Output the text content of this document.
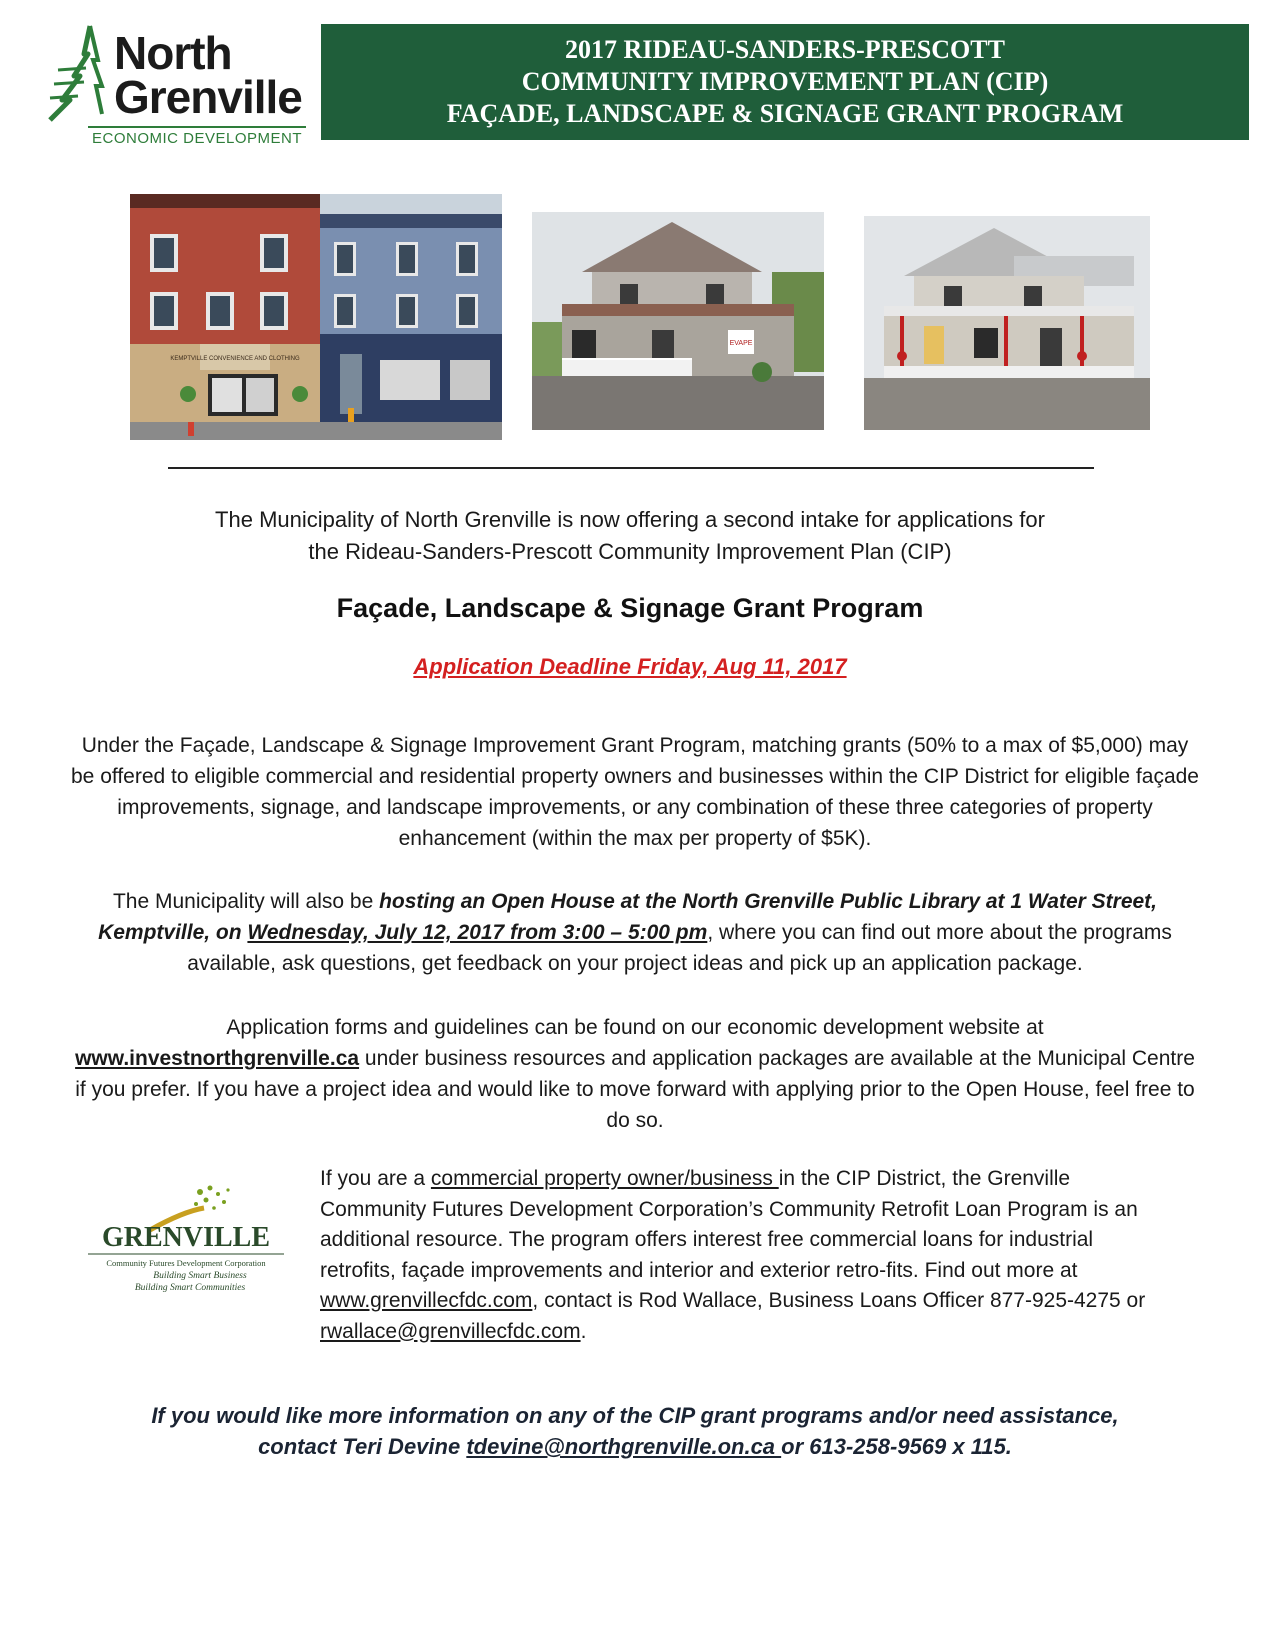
North
Grenville
ECONOMIC DEVELOPMENT
2017 RIDEAU-SANDERS-PRESCOTT
COMMUNITY IMPROVEMENT PLAN (CIP)
FAÇADE, LANDSCAPE & SIGNAGE GRANT PROGRAM
KEMPTVILLE CONVENIENCE AND CLOTHING
EVAPE
The Municipality of North Grenville is now offering a second intake for applications for
the Rideau-Sanders-Prescott Community Improvement Plan (CIP)
Façade, Landscape & Signage Grant Program
Application Deadline Friday, Aug 11, 2017
Under the Façade, Landscape & Signage Improvement Grant Program, matching grants (50% to a max of $5,000) may be offered to eligible commercial and residential property owners and businesses within the CIP District for eligible façade improvements, signage, and landscape improvements, or any combination of these three categories of property enhancement (within the max per property of $5K).
The Municipality will also be hosting an Open House at the North Grenville Public Library at 1 Water Street, Kemptville, on Wednesday, July 12, 2017 from 3:00 – 5:00 pm, where you can find out more about the programs available, ask questions, get feedback on your project ideas and pick up an application package.
Application forms and guidelines can be found on our economic development website at
www.investnorthgrenville.ca under business resources and application packages are available at the Municipal Centre if you prefer. If you have a project idea and would like to move forward with applying prior to the Open House, feel free to do so.
GRENVILLE
Community Futures Development Corporation
Building Smart Business
Building Smart Communities
If you are a commercial property owner/business in the CIP District, the Grenville Community Futures Development Corporation’s Community Retrofit Loan Program is an additional resource. The program offers interest free commercial loans for industrial retrofits, façade improvements and interior and exterior retro-fits. Find out more at www.grenvillecfdc.com, contact is Rod Wallace, Business Loans Officer 877-925-4275 or rwallace@grenvillecfdc.com.
If you would like more information on any of the CIP grant programs and/or need assistance,
contact Teri Devine tdevine@northgrenville.on.ca or 613-258-9569 x 115.
